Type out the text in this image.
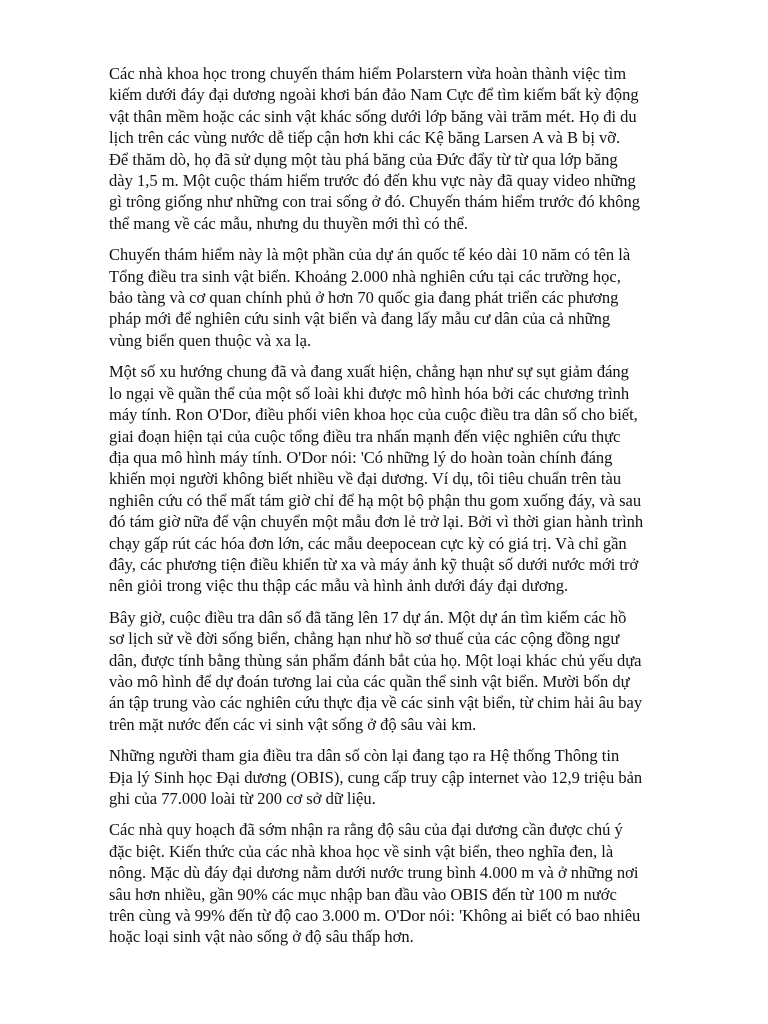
Các nhà khoa học trong chuyến thám hiểm Polarstern vừa hoàn thành việc tìm
kiếm dưới đáy đại dương ngoài khơi bán đảo Nam Cực để tìm kiếm bất kỳ động
vật thân mềm hoặc các sinh vật khác sống dưới lớp băng vài trăm mét. Họ đi du
lịch trên các vùng nước dễ tiếp cận hơn khi các Kệ băng Larsen A và B bị vỡ.
Để thăm dò, họ đã sử dụng một tàu phá băng của Đức đẩy từ từ qua lớp băng
dày 1,5 m. Một cuộc thám hiểm trước đó đến khu vực này đã quay video những
gì trông giống như những con trai sống ở đó. Chuyến thám hiểm trước đó không
thể mang về các mẫu, nhưng du thuyền mới thì có thể.

Chuyến thám hiểm này là một phần của dự án quốc tế kéo dài 10 năm có tên là
Tổng điều tra sinh vật biển. Khoảng 2.000 nhà nghiên cứu tại các trường học,
bảo tàng và cơ quan chính phủ ở hơn 70 quốc gia đang phát triển các phương
pháp mới để nghiên cứu sinh vật biển và đang lấy mẫu cư dân của cả những
vùng biển quen thuộc và xa lạ.

Một số xu hướng chung đã và đang xuất hiện, chẳng hạn như sự sụt giảm đáng
lo ngại về quần thể của một số loài khi được mô hình hóa bởi các chương trình
máy tính. Ron O'Dor, điều phối viên khoa học của cuộc điều tra dân số cho biết,
giai đoạn hiện tại của cuộc tổng điều tra nhấn mạnh đến việc nghiên cứu thực
địa qua mô hình máy tính. O'Dor nói: 'Có những lý do hoàn toàn chính đáng
khiến mọi người không biết nhiều về đại dương. Ví dụ, tôi tiêu chuẩn trên tàu
nghiên cứu có thể mất tám giờ chỉ để hạ một bộ phận thu gom xuống đáy, và sau
đó tám giờ nữa để vận chuyển một mẫu đơn lẻ trở lại. Bởi vì thời gian hành trình
chạy gấp rút các hóa đơn lớn, các mẫu deepocean cực kỳ có giá trị. Và chỉ gần
đây, các phương tiện điều khiển từ xa và máy ảnh kỹ thuật số dưới nước mới trở
nên giỏi trong việc thu thập các mẫu và hình ảnh dưới đáy đại dương.

Bây giờ, cuộc điều tra dân số đã tăng lên 17 dự án. Một dự án tìm kiếm các hồ
sơ lịch sử về đời sống biển, chẳng hạn như hồ sơ thuế của các cộng đồng ngư
dân, được tính bằng thùng sản phẩm đánh bắt của họ. Một loại khác chủ yếu dựa
vào mô hình để dự đoán tương lai của các quần thể sinh vật biển. Mười bốn dự
án tập trung vào các nghiên cứu thực địa về các sinh vật biển, từ chim hải âu bay
trên mặt nước đến các vi sinh vật sống ở độ sâu vài km.

Những người tham gia điều tra dân số còn lại đang tạo ra Hệ thống Thông tin
Địa lý Sinh học Đại dương (OBIS), cung cấp truy cập internet vào 12,9 triệu bản
ghi của 77.000 loài từ 200 cơ sở dữ liệu.

Các nhà quy hoạch đã sớm nhận ra rằng độ sâu của đại dương cần được chú ý
đặc biệt. Kiến thức của các nhà khoa học về sinh vật biển, theo nghĩa đen, là
nông. Mặc dù đáy đại dương nằm dưới nước trung bình 4.000 m và ở những nơi
sâu hơn nhiều, gần 90% các mục nhập ban đầu vào OBIS đến từ 100 m nước
trên cùng và 99% đến từ độ cao 3.000 m. O'Dor nói: 'Không ai biết có bao nhiêu
hoặc loại sinh vật nào sống ở độ sâu thấp hơn.
